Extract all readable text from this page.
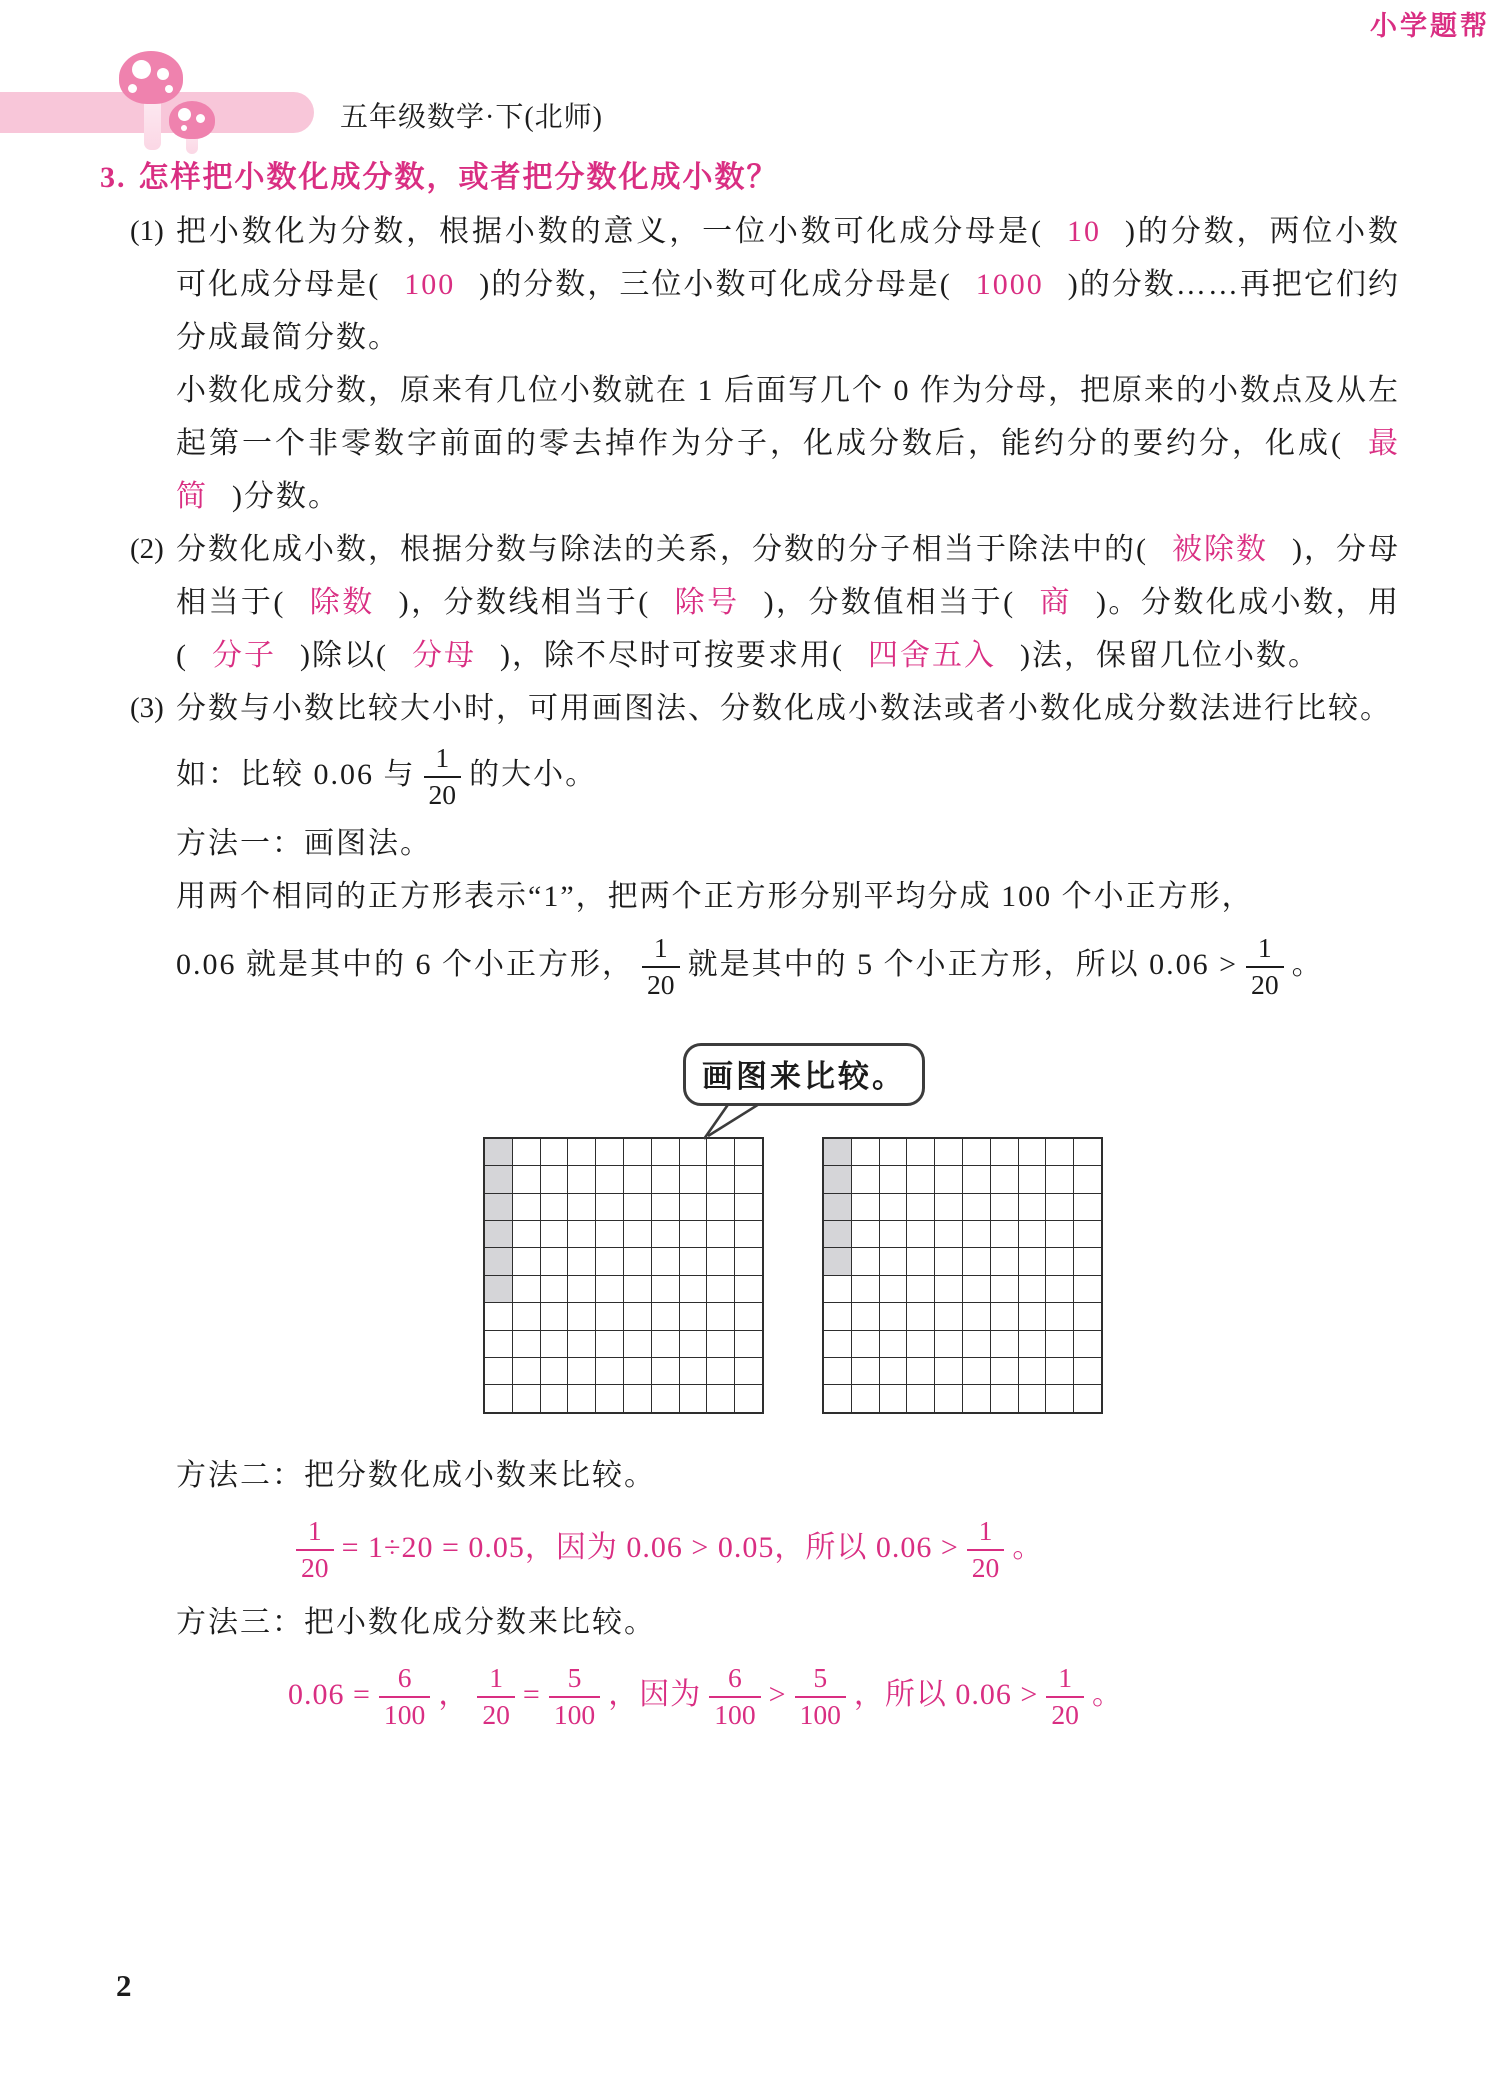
小学题帮
五年级数学·下(北师)

3. 怎样把小数化成分数，或者把分数化成小数？

(1) 把小数化为分数，根据小数的意义，一位小数可化成分母是( 10 )的分数，两位小数可化成分母是( 100 )的分数，三位小数可化成分母是( 1000 )的分数……再把它们约分成最简分数。

小数化成分数，原来有几位小数就在 1 后面写几个 0 作为分母，把原来的小数点及从左起第一个非零数字前面的零去掉作为分子，化成分数后，能约分的要约分，化成( 最简 )分数。

(2) 分数化成小数，根据分数与除法的关系，分数的分子相当于除法中的( 被除数 )，分母相当于( 除数 )，分数线相当于( 除号 )，分数值相当于( 商 )。分数化成小数，用( 分子 )除以( 分母 )，除不尽时可按要求用( 四舍五入 )法，保留几位小数。

(3) 分数与小数比较大小时，可用画图法、分数化成小数法或者小数化成分数法进行比较。

如：比较 0.06 与 $\frac{1}{20}$ 的大小。

方法一：画图法。

用两个相同的正方形表示“1”，把两个正方形分别平均分成 100 个小正方形，

0.06 就是其中的 6 个小正方形， $\frac{1}{20}$ 就是其中的 5 个小正方形，所以 $0.06 > \frac{1}{20}$ 。

画图来比较。

方法二：把分数化成小数来比较。

$\frac{1}{20} = 1\div 20 = 0.05$，因为 0.06 > 0.05，所以 $0.06 > \frac{1}{20}$ 。

方法三：把小数化成分数来比较。

$0.06 = \frac{6}{100}$ ， $\frac{1}{20} = \frac{5}{100}$ ，因为 $\frac{6}{100} > \frac{5}{100}$ ，所以 $0.06 > \frac{1}{20}$ 。

2
